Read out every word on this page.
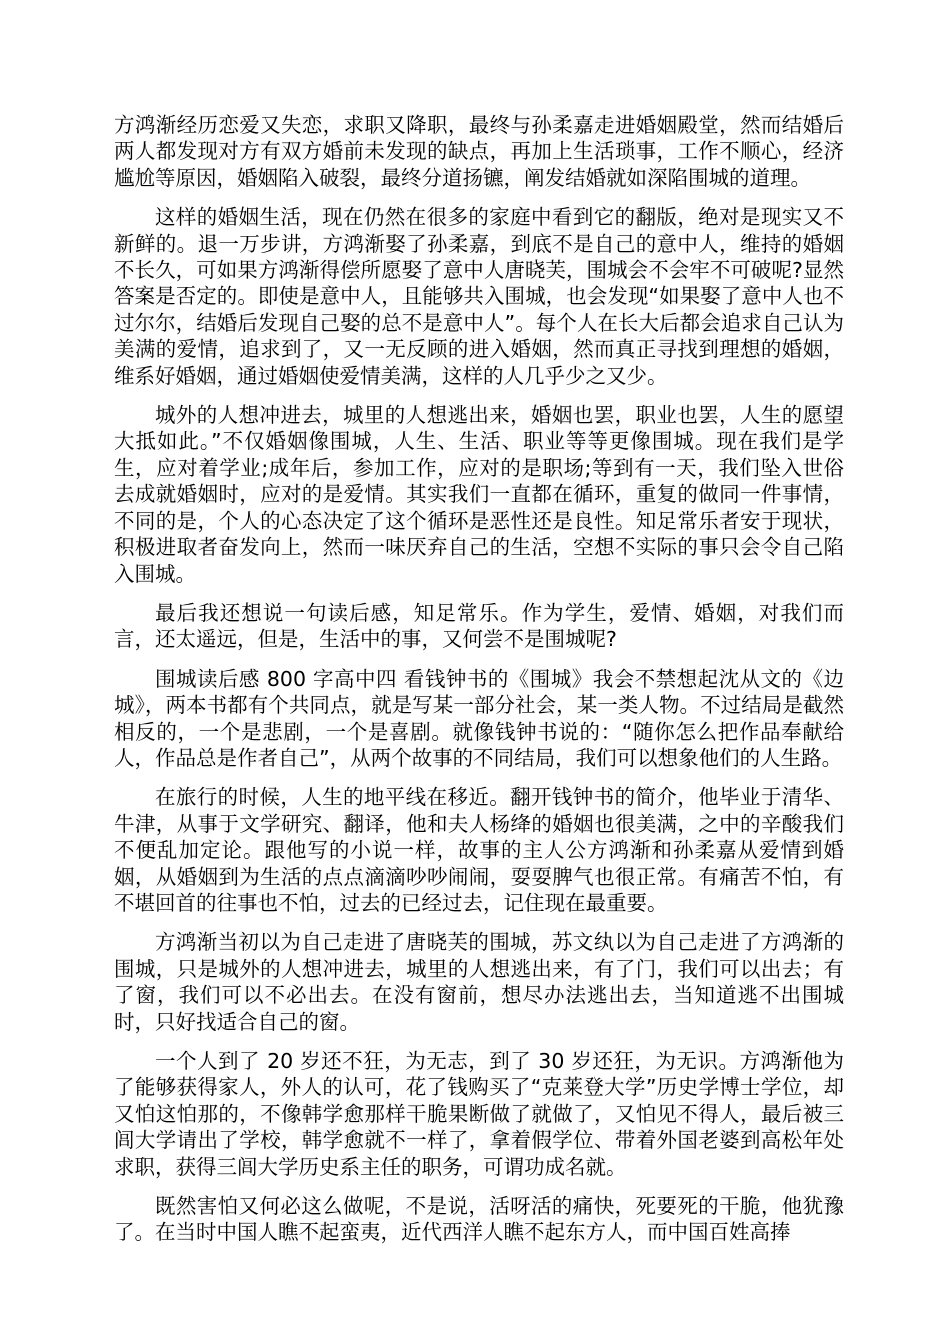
方鸿渐经历恋爱又失恋，求职又降职，最终与孙柔嘉走进婚姻殿堂，然而结婚后两人都发现对方有双方婚前未发现的缺点，再加上生活琐事，工作不顺心，经济尴尬等原因，婚姻陷入破裂，最终分道扬镳，阐发结婚就如深陷围城的道理。

这样的婚姻生活，现在仍然在很多的家庭中看到它的翻版，绝对是现实又不新鲜的。退一万步讲，方鸿渐娶了孙柔嘉，到底不是自己的意中人，维持的婚姻不长久，可如果方鸿渐得偿所愿娶了意中人唐晓芙，围城会不会牢不可破呢?显然答案是否定的。即使是意中人，且能够共入围城，也会发现“如果娶了意中人也不过尔尔，结婚后发现自己娶的总不是意中人”。每个人在长大后都会追求自己认为美满的爱情，追求到了，又一无反顾的进入婚姻，然而真正寻找到理想的婚姻，维系好婚姻，通过婚姻使爱情美满，这样的人几乎少之又少。

城外的人想冲进去，城里的人想逃出来，婚姻也罢，职业也罢，人生的愿望大抵如此。”不仅婚姻像围城，人生、生活、职业等等更像围城。现在我们是学生，应对着学业;成年后，参加工作，应对的是职场;等到有一天，我们坠入世俗去成就婚姻时，应对的是爱情。其实我们一直都在循环，重复的做同一件事情，不同的是，个人的心态决定了这个循环是恶性还是良性。知足常乐者安于现状，积极进取者奋发向上，然而一味厌弃自己的生活，空想不实际的事只会令自己陷入围城。

最后我还想说一句读后感，知足常乐。作为学生，爱情、婚姻，对我们而言，还太遥远，但是，生活中的事，又何尝不是围城呢?

围城读后感 800 字高中四 看钱钟书的《围城》我会不禁想起沈从文的《边城》，两本书都有个共同点，就是写某一部分社会，某一类人物。不过结局是截然相反的，一个是悲剧，一个是喜剧。就像钱钟书说的：“随你怎么把作品奉献给人，作品总是作者自己”，从两个故事的不同结局，我们可以想象他们的人生路。

在旅行的时候，人生的地平线在移近。翻开钱钟书的简介，他毕业于清华、牛津，从事于文学研究、翻译，他和夫人杨绛的婚姻也很美满，之中的辛酸我们不便乱加定论。跟他写的小说一样，故事的主人公方鸿渐和孙柔嘉从爱情到婚姻，从婚姻到为生活的点点滴滴吵吵闹闹，耍耍脾气也很正常。有痛苦不怕，有不堪回首的往事也不怕，过去的已经过去，记住现在最重要。

方鸿渐当初以为自己走进了唐晓芙的围城，苏文纨以为自己走进了方鸿渐的围城，只是城外的人想冲进去，城里的人想逃出来，有了门，我们可以出去；有了窗，我们可以不必出去。在没有窗前，想尽办法逃出去，当知道逃不出围城时，只好找适合自己的窗。

一个人到了 20 岁还不狂，为无志，到了 30 岁还狂，为无识。方鸿渐他为了能够获得家人，外人的认可，花了钱购买了“克莱登大学”历史学博士学位，却又怕这怕那的，不像韩学愈那样干脆果断做了就做了，又怕见不得人，最后被三闾大学请出了学校，韩学愈就不一样了，拿着假学位、带着外国老婆到高松年处求职，获得三闾大学历史系主任的职务，可谓功成名就。

既然害怕又何必这么做呢，不是说，活呀活的痛快，死要死的干脆，他犹豫了。在当时中国人瞧不起蛮夷，近代西洋人瞧不起东方人，而中国百姓高捧
